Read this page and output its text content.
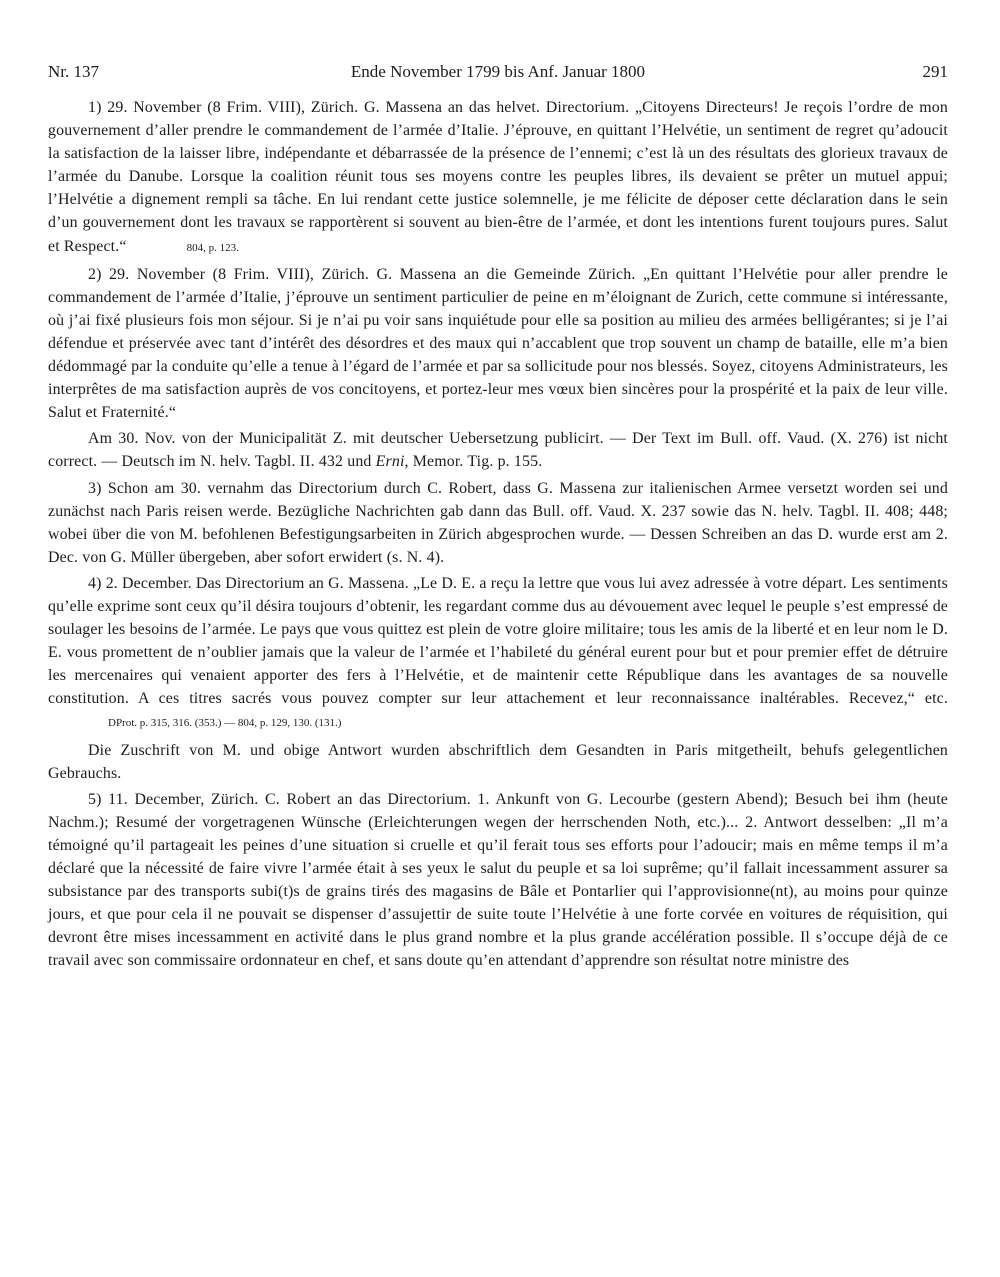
Nr. 137	Ende November 1799 bis Anf. Januar 1800	291

1) 29. November (8 Frim. VIII), Zürich. G. Massena an das helvet. Directorium. „Citoyens Directeurs! Je reçois l’ordre de mon gouvernement d’aller prendre le commandement de l’armée d’Italie. J’éprouve, en quittant l’Helvétie, un sentiment de regret qu’adoucit la satisfaction de la laisser libre, indépendante et débarrassée de la présence de l’ennemi; c’est là un des résultats des glorieux travaux de l’armée du Danube. Lorsque la coalition réunit tous ses moyens contre les peuples libres, ils devaient se prêter un mutuel appui; l’Helvétie a dignement rempli sa tâche. En lui rendant cette justice solemnelle, je me félicite de déposer cette déclaration dans le sein d’un gouvernement dont les travaux se rapportèrent si souvent au bien-être de l’armée, et dont les intentions furent toujours pures. Salut et Respect.“	804, p. 123.

2) 29. November (8 Frim. VIII), Zürich. G. Massena an die Gemeinde Zürich. „En quittant l’Helvétie pour aller prendre le commandement de l’armée d’Italie, j’éprouve un sentiment particulier de peine en m’éloignant de Zurich, cette commune si intéressante, où j’ai fixé plusieurs fois mon séjour. Si je n’ai pu voir sans inquiétude pour elle sa position au milieu des armées belligérantes; si je l’ai défendue et préservée avec tant d’intérêt des désordres et des maux qui n’accablent que trop souvent un champ de bataille, elle m’a bien dédommagé par la conduite qu’elle a tenue à l’égard de l’armée et par sa sollicitude pour nos blessés. Soyez, citoyens Administrateurs, les interprêtes de ma satisfaction auprès de vos concitoyens, et portez-leur mes vœux bien sincères pour la prospérité et la paix de leur ville. Salut et Fraternité.“

Am 30. Nov. von der Municipalität Z. mit deutscher Uebersetzung publicirt. — Der Text im Bull. off. Vaud. (X. 276) ist nicht correct. — Deutsch im N. helv. Tagbl. II. 432 und Erni, Memor. Tig. p. 155.

3) Schon am 30. vernahm das Directorium durch C. Robert, dass G. Massena zur italienischen Armee versetzt worden sei und zunächst nach Paris reisen werde. Bezügliche Nachrichten gab dann das Bull. off. Vaud. X. 237 sowie das N. helv. Tagbl. II. 408; 448; wobei über die von M. befohlenen Befestigungsarbeiten in Zürich abgesprochen wurde. — Dessen Schreiben an das D. wurde erst am 2. Dec. von G. Müller übergeben, aber sofort erwidert (s. N. 4).

4) 2. December. Das Directorium an G. Massena. „Le D. E. a reçu la lettre que vous lui avez adressée à votre départ. Les sentiments qu’elle exprime sont ceux qu’il désira toujours d’obtenir, les regardant comme dus au dévouement avec lequel le peuple s’est empressé de soulager les besoins de l’armée. Le pays que vous quittez est plein de votre gloire militaire; tous les amis de la liberté et en leur nom le D. E. vous promettent de n’oublier jamais que la valeur de l’armée et l’habileté du général eurent pour but et pour premier effet de détruire les mercenaires qui venaient apporter des fers à l’Helvétie, et de maintenir cette République dans les avantages de sa nouvelle constitution. A ces titres sacrés vous pouvez compter sur leur attachement et leur reconnaissance inaltérables. Recevez,“ etc.DProt. p. 315, 316. (353.) — 804, p. 129, 130. (131.)

Die Zuschrift von M. und obige Antwort wurden abschriftlich dem Gesandten in Paris mitgetheilt, behufs gelegentlichen Gebrauchs.

5) 11. December, Zürich. C. Robert an das Directorium. 1. Ankunft von G. Lecourbe (gestern Abend); Besuch bei ihm (heute Nachm.); Resumé der vorgetragenen Wünsche (Erleichterungen wegen der herrschenden Noth, etc.)... 2. Antwort desselben: „Il m’a témoigné qu’il partageait les peines d’une situation si cruelle et qu’il ferait tous ses efforts pour l’adoucir; mais en même temps il m’a déclaré que la nécessité de faire vivre l’armée était à ses yeux le salut du peuple et sa loi suprême; qu’il fallait incessamment assurer sa subsistance par des transports subi(t)s de grains tirés des magasins de Bâle et Pontarlier qui l’approvisionne(nt), au moins pour quinze jours, et que pour cela il ne pouvait se dispenser d’assujettir de suite toute l’Helvétie à une forte corvée en voitures de réquisition, qui devront être mises incessamment en activité dans le plus grand nombre et la plus grande accélération possible. Il s’occupe déjà de ce travail avec son commissaire ordonnateur en chef, et sans doute qu’en attendant d’apprendre son résultat notre ministre des
